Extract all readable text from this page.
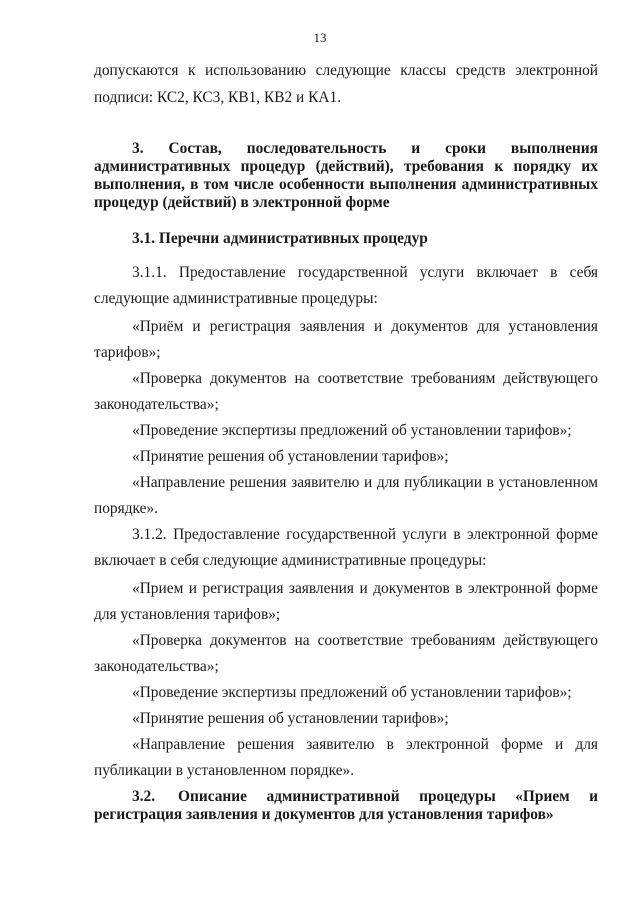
13
допускаются к использованию следующие классы средств электронной
подписи: КС2, КС3, КВ1, КВ2 и КА1.
3. Состав, последовательность и сроки выполнения
административных процедур (действий), требования к порядку их
выполнения, в том числе особенности выполнения административных
процедур (действий) в электронной форме
3.1. Перечни административных процедур
3.1.1. Предоставление государственной услуги включает в себя
следующие административные процедуры:
«Приём и регистрация заявления и документов для установления
тарифов»;
«Проверка документов на соответствие требованиям действующего
законодательства»;
«Проведение экспертизы предложений об установлении тарифов»;
«Принятие решения об установлении тарифов»;
«Направление решения заявителю и для публикации в установленном
порядке».
3.1.2. Предоставление государственной услуги в электронной форме
включает в себя следующие административные процедуры:
«Прием и регистрация заявления и документов в электронной форме
для установления тарифов»;
«Проверка документов на соответствие требованиям действующего
законодательства»;
«Проведение экспертизы предложений об установлении тарифов»;
«Принятие решения об установлении тарифов»;
«Направление решения заявителю в электронной форме и для
публикации в установленном порядке».
3.2. Описание административной процедуры «Прием и
регистрация заявления и документов для установления тарифов»
